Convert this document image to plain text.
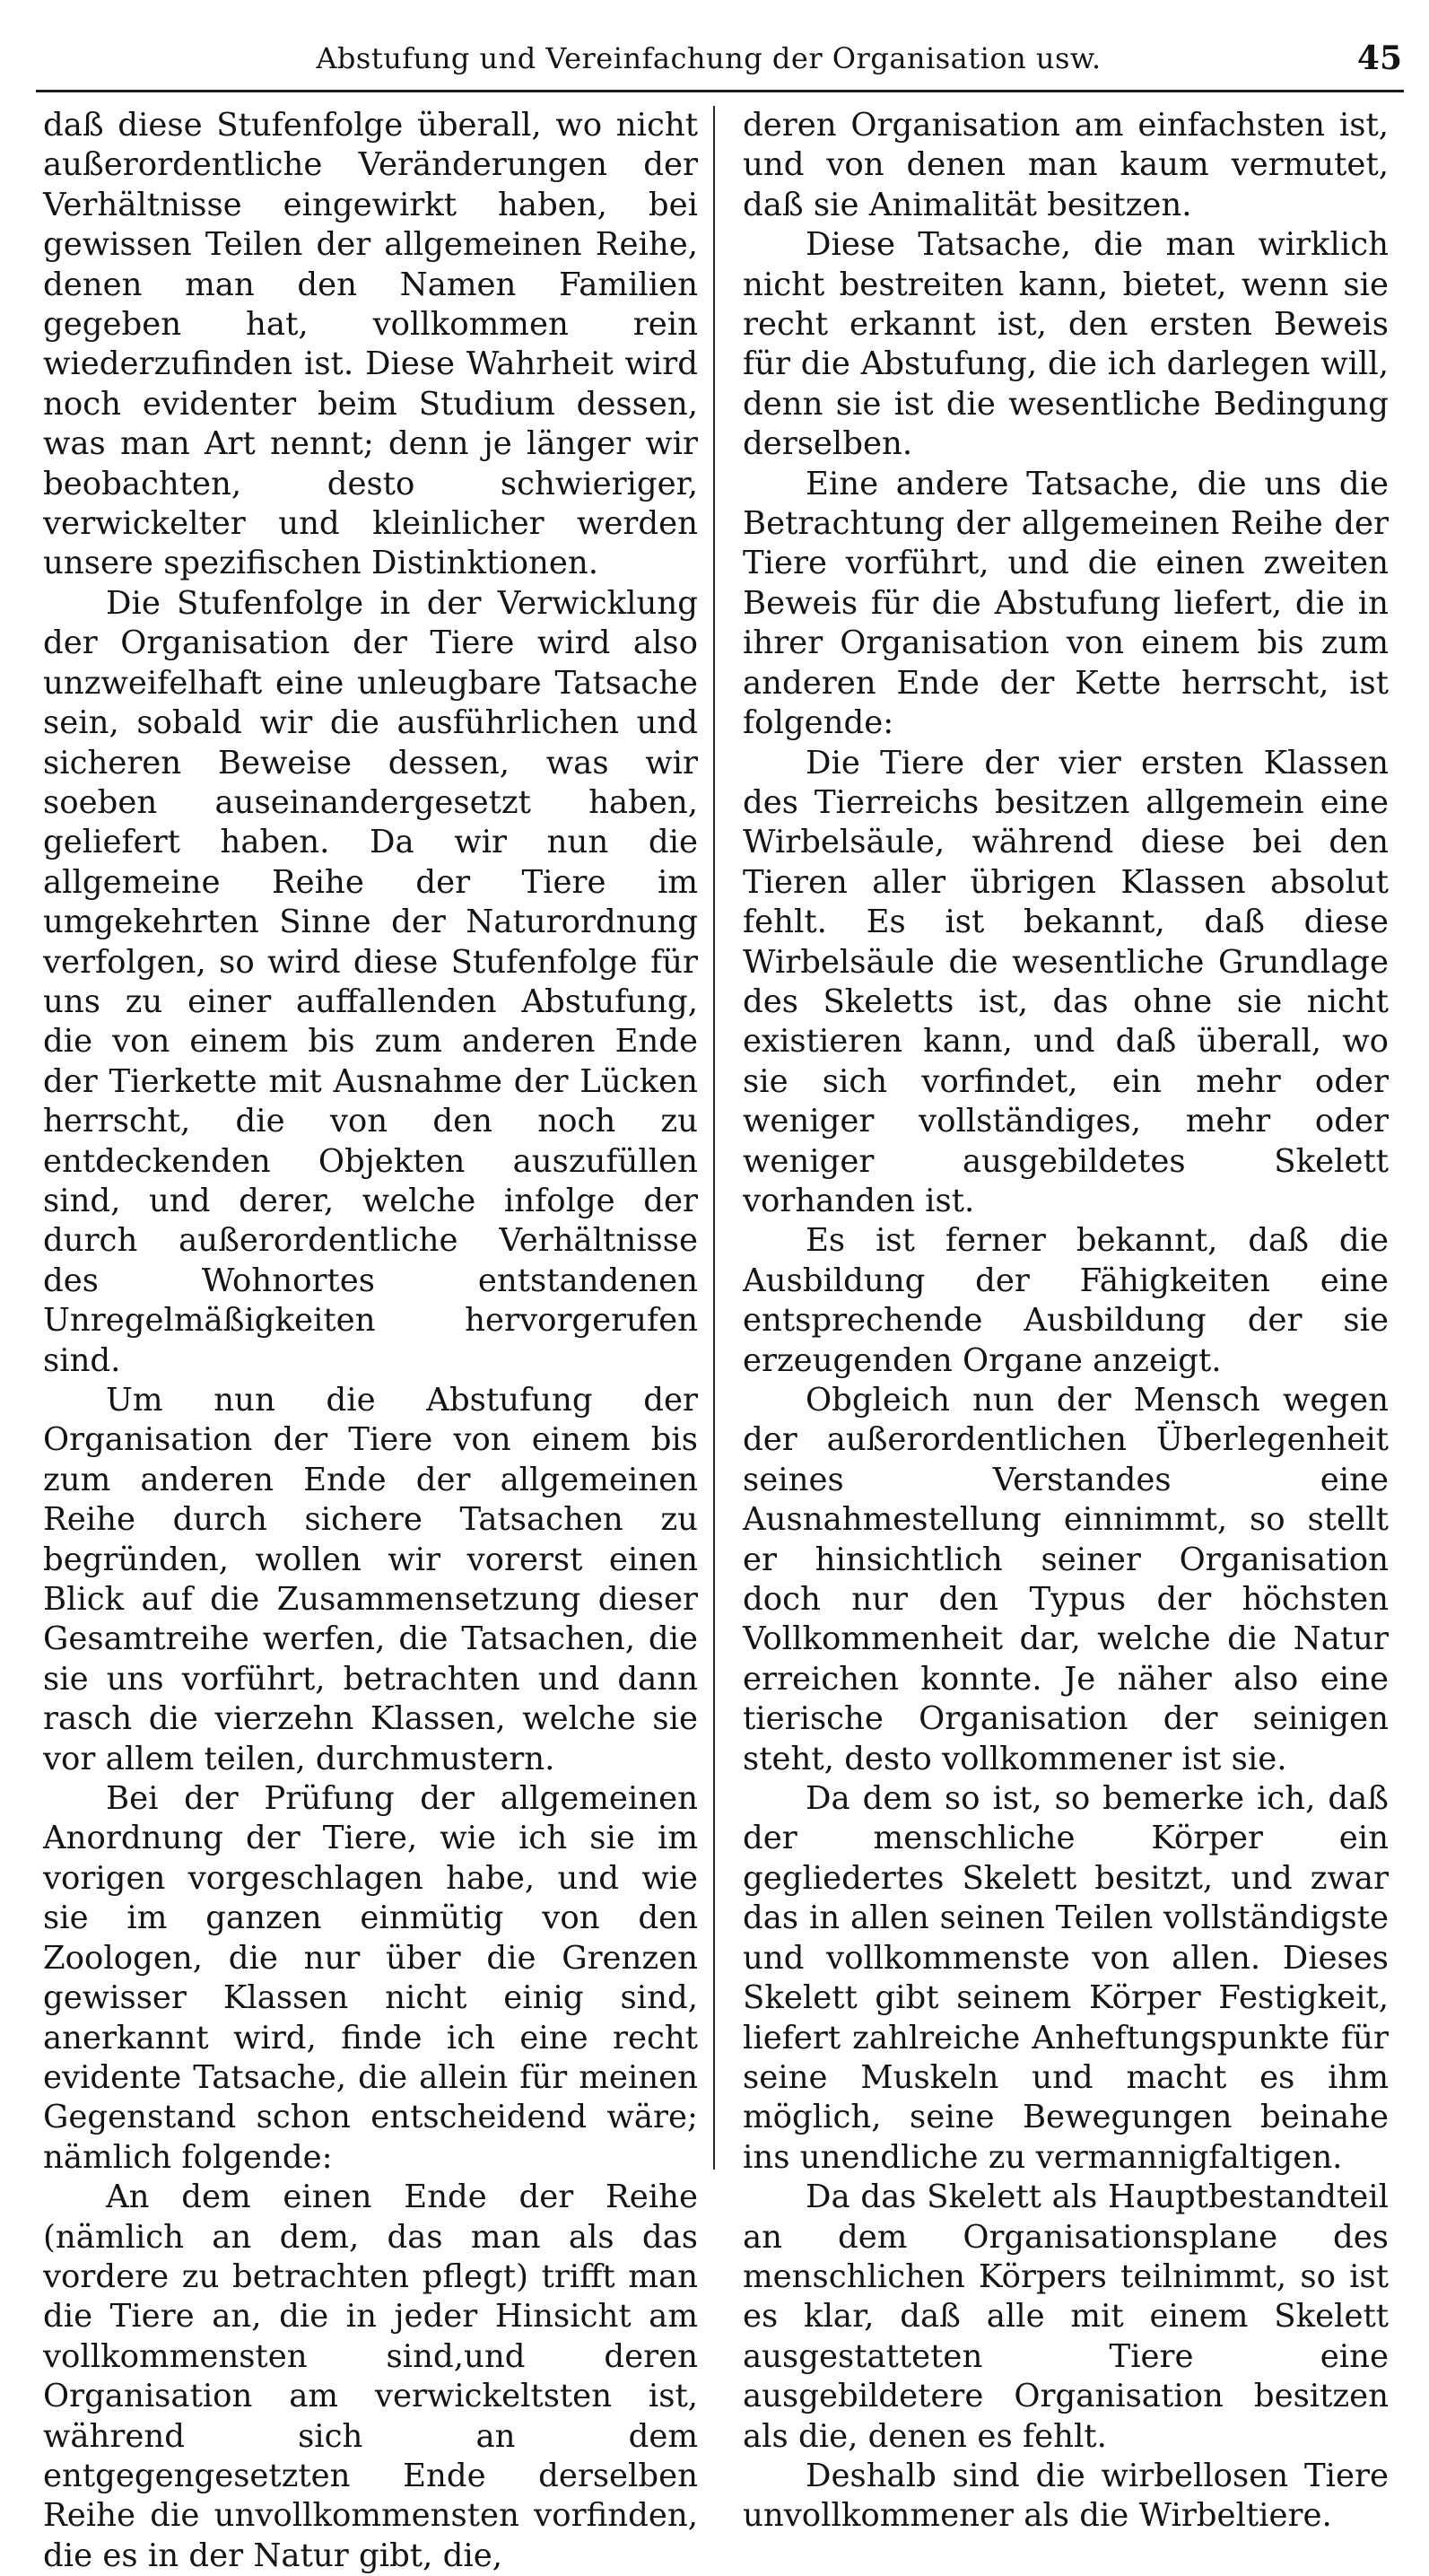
Abstufung und Vereinfachung der Organisation usw.	45

daß diese Stufenfolge überall, wo nicht außerordentliche Veränderungen der Verhältnisse eingewirkt haben, bei gewissen Teilen der allgemeinen Reihe, denen man den Namen Familien gegeben hat, vollkommen rein wiederzufinden ist. Diese Wahrheit wird noch evidenter beim Studium dessen, was man Art nennt; denn je länger wir beobachten, desto schwieriger, verwickelter und kleinlicher werden unsere spezifischen Distinktionen.

Die Stufenfolge in der Verwicklung der Organisation der Tiere wird also unzweifelhaft eine unleugbare Tatsache sein, sobald wir die ausführlichen und sicheren Beweise dessen, was wir soeben auseinandergesetzt haben, geliefert haben. Da wir nun die allgemeine Reihe der Tiere im umgekehrten Sinne der Naturordnung verfolgen, so wird diese Stufenfolge für uns zu einer auffallenden Abstufung, die von einem bis zum anderen Ende der Tierkette mit Ausnahme der Lücken herrscht, die von den noch zu entdeckenden Objekten auszufüllen sind, und derer, welche infolge der durch außerordentliche Verhältnisse des Wohnortes entstandenen Unregelmäßigkeiten hervorgerufen sind.

Um nun die Abstufung der Organisation der Tiere von einem bis zum anderen Ende der allgemeinen Reihe durch sichere Tatsachen zu begründen, wollen wir vorerst einen Blick auf die Zusammensetzung dieser Gesamtreihe werfen, die Tatsachen, die sie uns vorführt, betrachten und dann rasch die vierzehn Klassen, welche sie vor allem teilen, durchmustern.

Bei der Prüfung der allgemeinen Anordnung der Tiere, wie ich sie im vorigen vorgeschlagen habe, und wie sie im ganzen einmütig von den Zoologen, die nur über die Grenzen gewisser Klassen nicht einig sind, anerkannt wird, finde ich eine recht evidente Tatsache, die allein für meinen Gegenstand schon entscheidend wäre; nämlich folgende:

An dem einen Ende der Reihe (nämlich an dem, das man als das vordere zu betrachten pflegt) trifft man die Tiere an, die in jeder Hinsicht am vollkommensten sind,und deren Organisation am verwickeltsten ist, während sich an dem entgegengesetzten Ende derselben Reihe die unvollkommensten vorfinden, die es in der Natur gibt, die,

deren Organisation am einfachsten ist, und von denen man kaum vermutet, daß sie Animalität besitzen.

Diese Tatsache, die man wirklich nicht bestreiten kann, bietet, wenn sie recht erkannt ist, den ersten Beweis für die Abstufung, die ich darlegen will, denn sie ist die wesentliche Bedingung derselben.

Eine andere Tatsache, die uns die Betrachtung der allgemeinen Reihe der Tiere vorführt, und die einen zweiten Beweis für die Abstufung liefert, die in ihrer Organisation von einem bis zum anderen Ende der Kette herrscht, ist folgende:

Die Tiere der vier ersten Klassen des Tierreichs besitzen allgemein eine Wirbelsäule, während diese bei den Tieren aller übrigen Klassen absolut fehlt. Es ist bekannt, daß diese Wirbelsäule die wesentliche Grundlage des Skeletts ist, das ohne sie nicht existieren kann, und daß überall, wo sie sich vorfindet, ein mehr oder weniger vollständiges, mehr oder weniger ausgebildetes Skelett vorhanden ist.

Es ist ferner bekannt, daß die Ausbildung der Fähigkeiten eine entsprechende Ausbildung der sie erzeugenden Organe anzeigt.

Obgleich nun der Mensch wegen der außerordentlichen Überlegenheit seines Verstandes eine Ausnahmestellung einnimmt, so stellt er hinsichtlich seiner Organisation doch nur den Typus der höchsten Vollkommenheit dar, welche die Natur erreichen konnte. Je näher also eine tierische Organisation der seinigen steht, desto vollkommener ist sie.

Da dem so ist, so bemerke ich, daß der menschliche Körper ein gegliedertes Skelett besitzt, und zwar das in allen seinen Teilen vollständigste und vollkommenste von allen. Dieses Skelett gibt seinem Körper Festigkeit, liefert zahlreiche Anheftungspunkte für seine Muskeln und macht es ihm möglich, seine Bewegungen beinahe ins unendliche zu vermannigfaltigen.

Da das Skelett als Hauptbestandteil an dem Organisationsplane des menschlichen Körpers teilnimmt, so ist es klar, daß alle mit einem Skelett ausgestatteten Tiere eine ausgebildetere Organisation besitzen als die, denen es fehlt.

Deshalb sind die wirbellosen Tiere unvollkommener als die Wirbeltiere.
